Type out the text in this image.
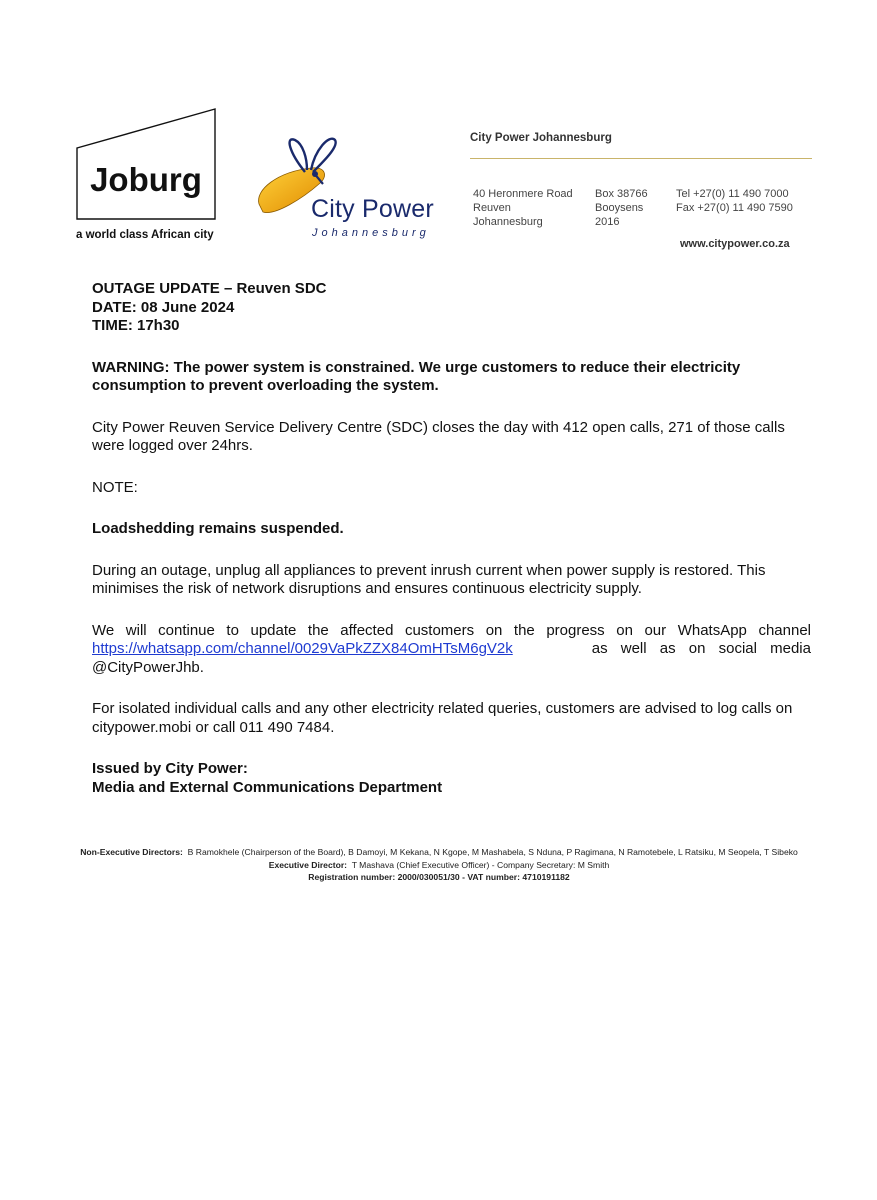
Joburg
a world class African city
City Power
Johannesburg
City Power Johannesburg
40 Heronmere Road
Reuven
Johannesburg
Box 38766
Booysens
2016
Tel +27(0) 11 490 7000
Fax +27(0) 11 490 7590
www.citypower.co.za

OUTAGE UPDATE – Reuven SDC

DATE: 08 June 2024

TIME: 17h30

WARNING: The power system is constrained. We urge customers to reduce their electricity consumption to prevent overloading the system.

City Power Reuven Service Delivery Centre (SDC) closes the day with 412 open calls, 271 of those calls were logged over 24hrs.

NOTE:

Loadshedding remains suspended.

During an outage, unplug all appliances to prevent inrush current when power supply is restored. This minimises the risk of network disruptions and ensures continuous electricity supply.

We will continue to update the affected customers on the progress on our WhatsApp channel https://whatsapp.com/channel/0029VaPkZZX84OmHTsM6gV2k	as well as on social media @CityPowerJhb.

For isolated individual calls and any other electricity related queries, customers are advised to log calls on citypower.mobi or call 011 490 7484.

Issued by City Power:

Media and External Communications Department

Non-Executive Directors: B Ramokhele (Chairperson of the Board), B Damoyi, M Kekana, N Kgope, M Mashabela, S Nduna, P Ragimana, N Ramotebele, L Ratsiku, M Seopela, T Sibeko
Executive Director: T Mashava (Chief Executive Officer) - Company Secretary: M Smith
Registration number: 2000/030051/30 - VAT number: 4710191182
